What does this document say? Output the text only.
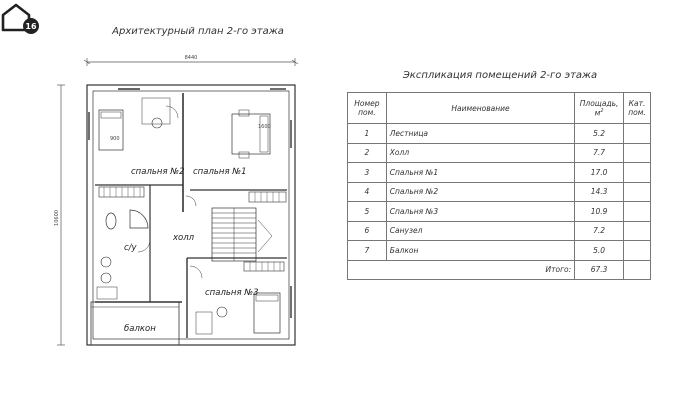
16	Архитектурный план 2-го этажа
8440
10600
спальня №2 спальня №1
холл
с/у
спальня №3
балкон
1600
900
Экспликация помещений 2-го этажа
Номер пом.	Наименование	Площадь, $м^2$	Кат. пом.
1	Лестница	5.2	
2	Холл	7.7	
3	Спальня №1	17.0	
4	Спальня №2	14.3	
5	Спальня №3	10.9	
6	Санузел	7.2	
7	Балкон	5.0	
Итого:		67.3	
